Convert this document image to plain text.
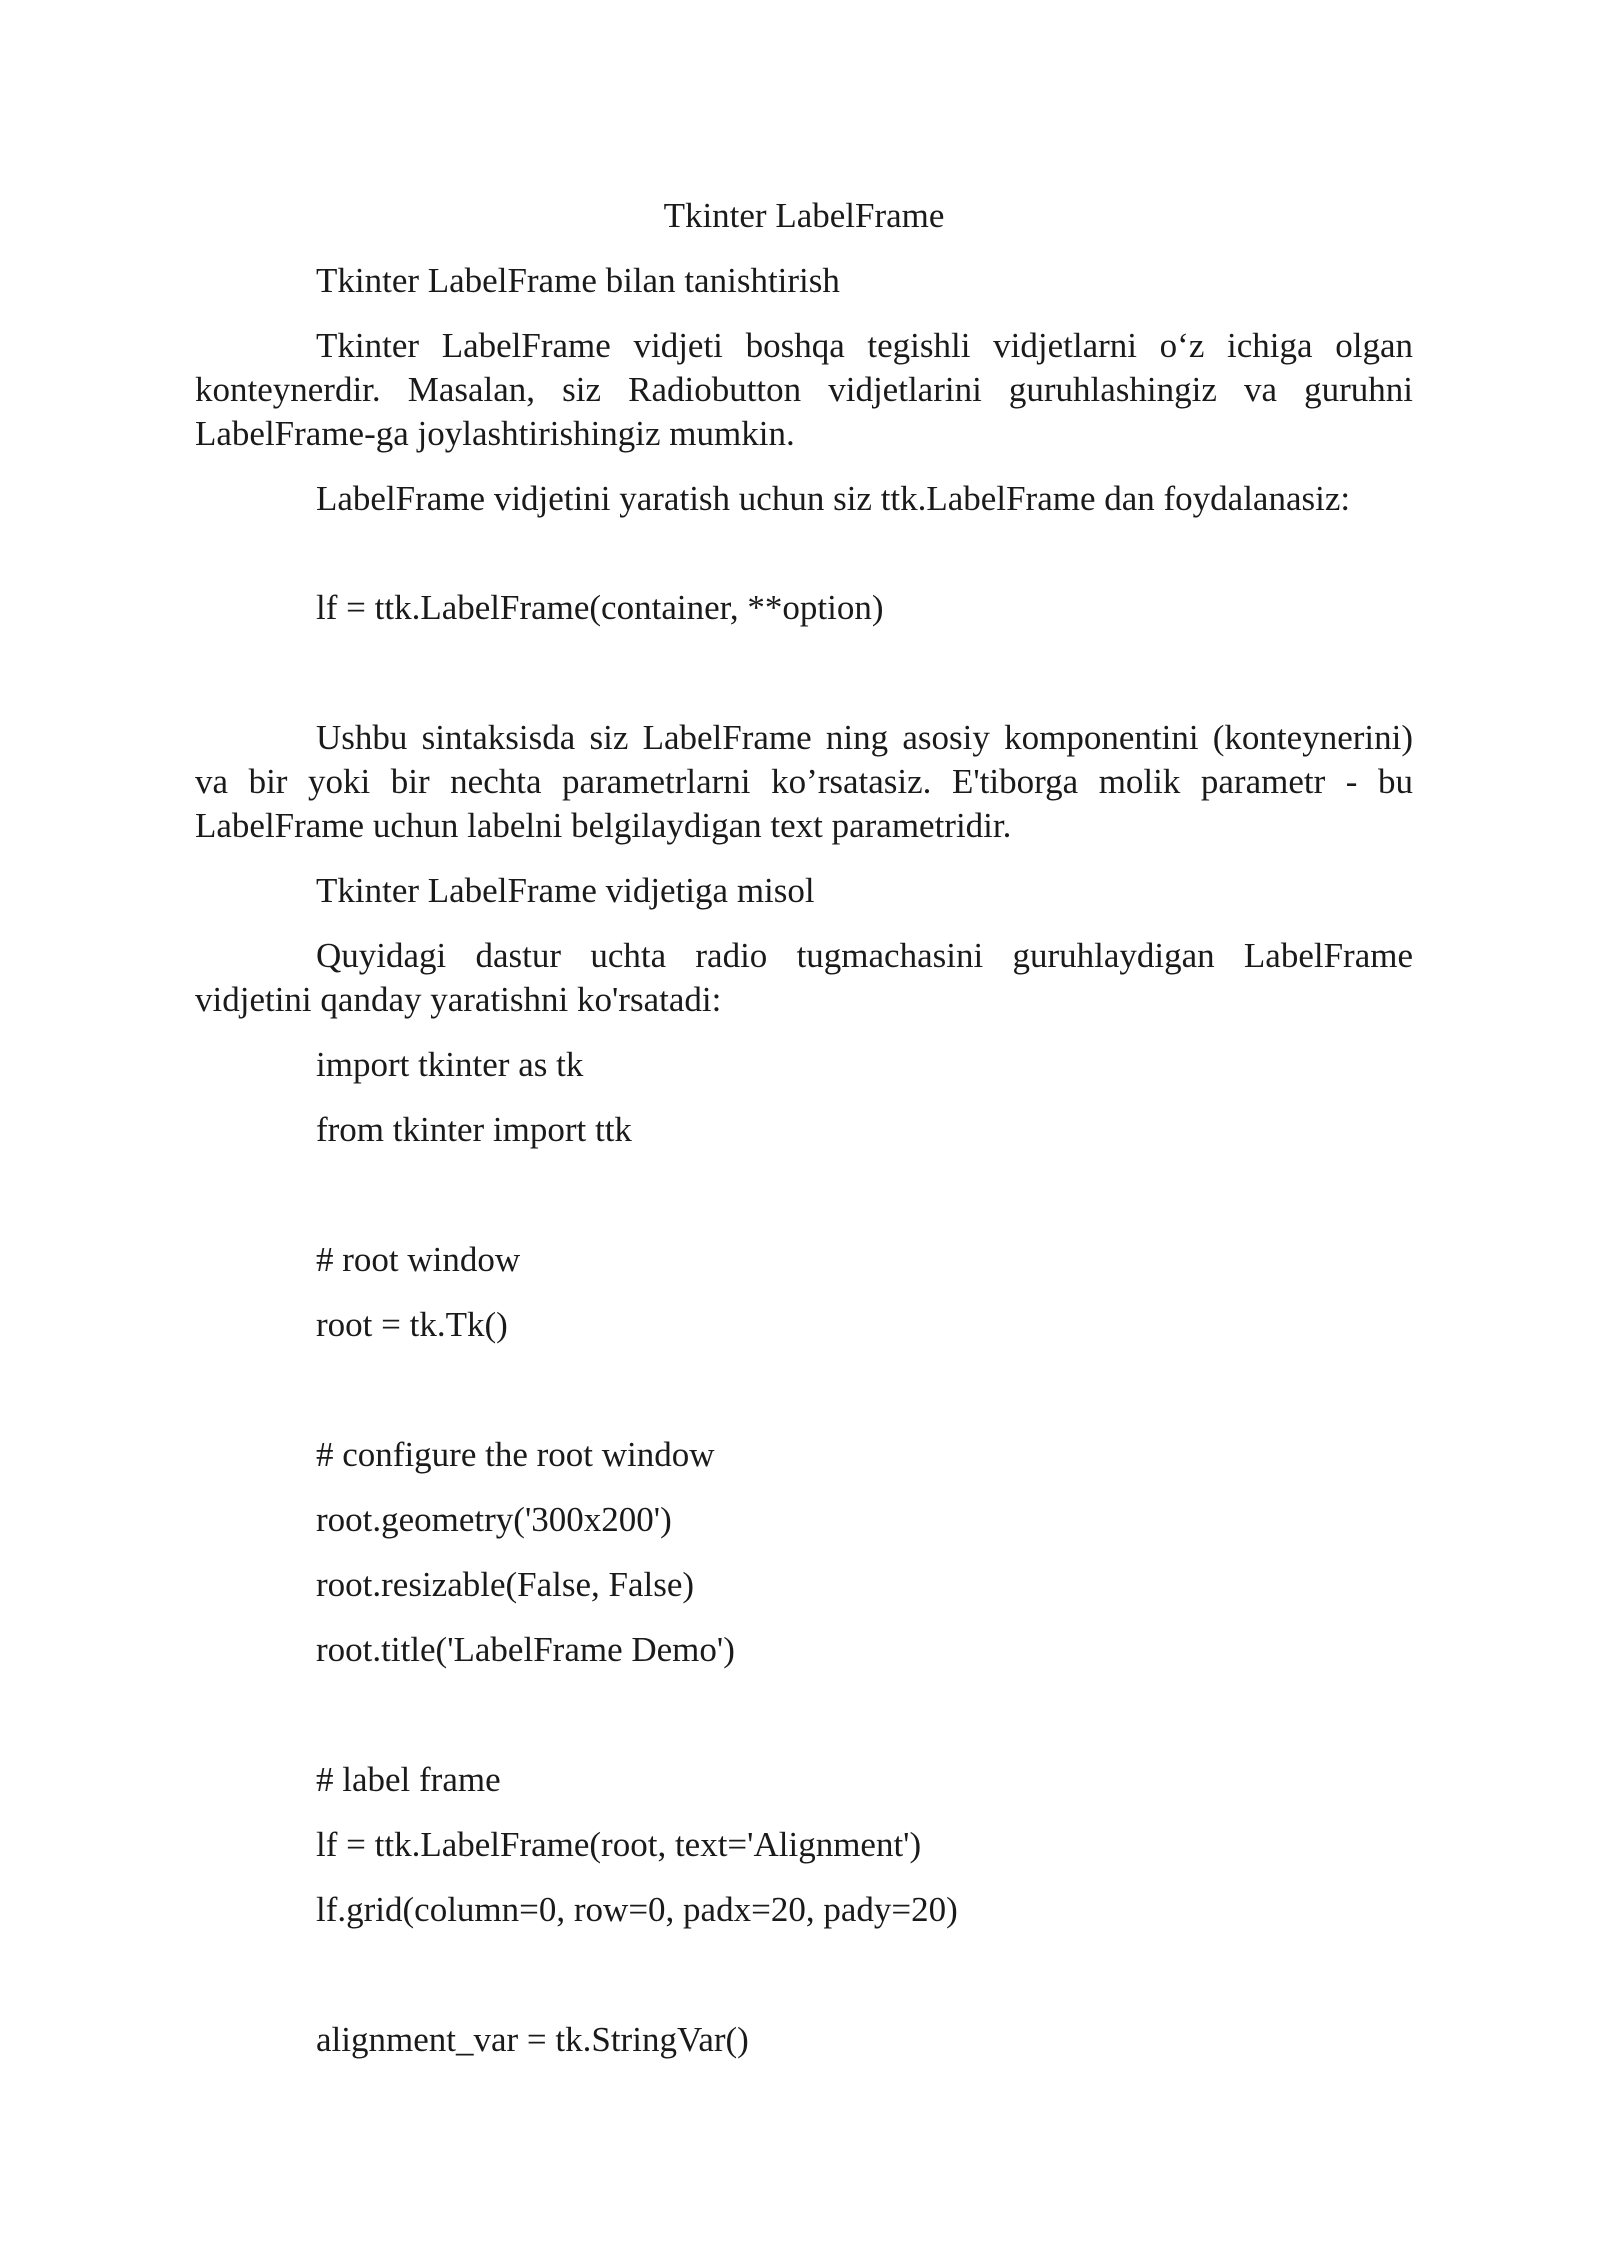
Tkinter LabelFrame
Tkinter LabelFrame bilan tanishtirish
Tkinter LabelFrame vidjeti boshqa tegishli vidjetlarni o‘z ichiga olgan konteynerdir. Masalan, siz Radiobutton vidjetlarini guruhlashingiz va guruhni LabelFrame-ga joylashtirishingiz mumkin.
LabelFrame vidjetini yaratish uchun siz ttk.LabelFrame dan foydalanasiz:
lf = ttk.LabelFrame(container, **option)
Ushbu sintaksisda siz LabelFrame ning asosiy komponentini (konteynerini) va bir yoki bir nechta parametrlarni ko’rsatasiz. E'tiborga molik parametr - bu LabelFrame uchun labelni belgilaydigan text parametridir.
Tkinter LabelFrame vidjetiga misol
Quyidagi dastur uchta radio tugmachasini guruhlaydigan LabelFrame vidjetini qanday yaratishni ko'rsatadi:
import tkinter as tk
from tkinter import ttk
# root window
root = tk.Tk()
# configure the root window
root.geometry('300x200')
root.resizable(False, False)
root.title('LabelFrame Demo')
# label frame
lf = ttk.LabelFrame(root, text='Alignment')
lf.grid(column=0, row=0, padx=20, pady=20)
alignment_var = tk.StringVar()
